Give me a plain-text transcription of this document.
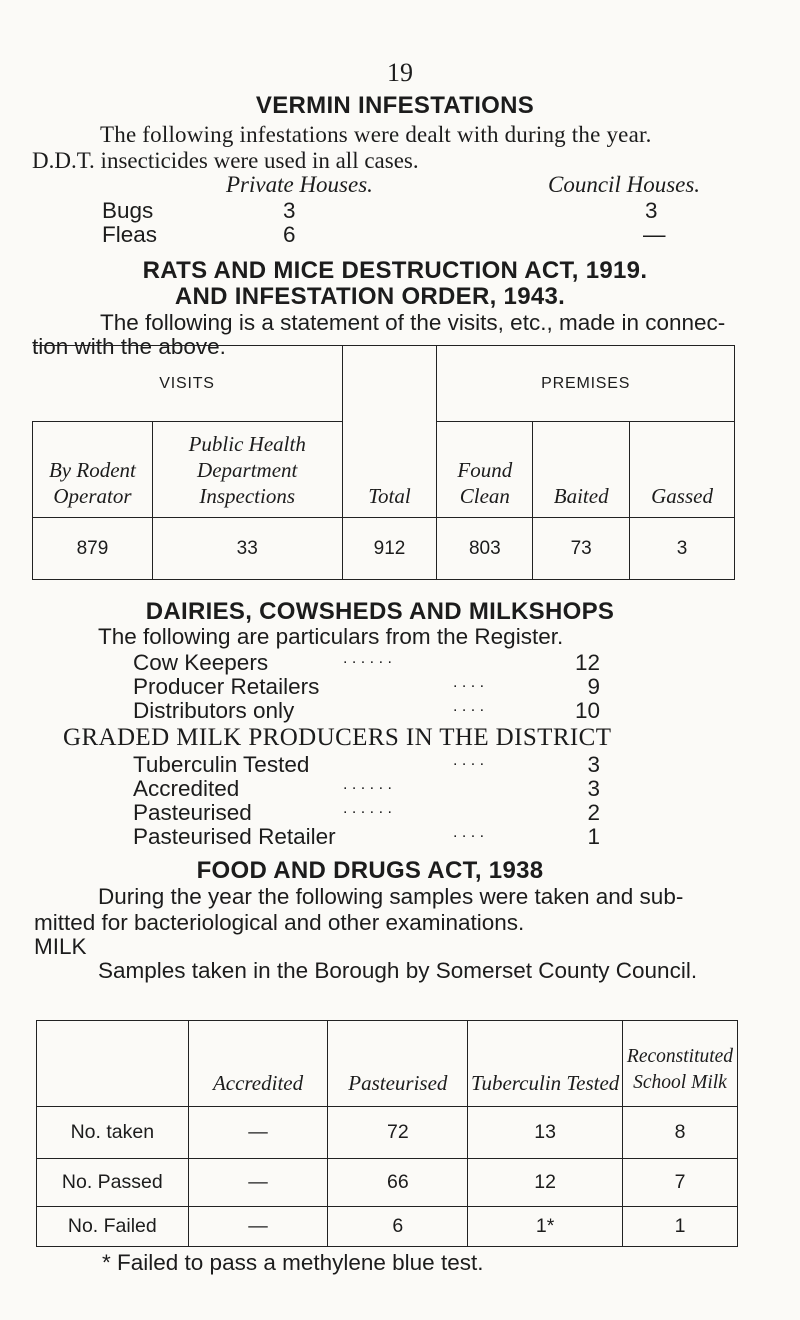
19
VERMIN INFESTATIONS
The following infestations were dealt with during the year.
D.D.T. insecticides were used in all cases.
Private Houses.	Council Houses.
Bugs	3	3
Fleas	6	—
RATS AND MICE DESTRUCTION ACT, 1919.
AND INFESTATION ORDER, 1943.
The following is a statement of the visits, etc., made in connec-
tion with the above.
VISITS		Total	PREMISES		
By Rodent Operator	Public Health Department Inspections		Found Clean	Baited	Gassed
879	33	912	803	73	3
DAIRIES, COWSHEDS AND MILKSHOPS
The following are particulars from the Register.
Cow Keepers	. . . . . .	12
Producer Retailers	. . . .	9
Distributors only	. . . .	10
GRADED MILK PRODUCERS IN THE DISTRICT
Tuberculin Tested	. . . .	3
Accredited	. . . . . .	3
Pasteurised	. . . . . .	2
Pasteurised Retailer	. . . .	1
FOOD AND DRUGS ACT, 1938
During the year the following samples were taken and sub-
mitted for bacteriological and other examinations.
MILK
Samples taken in the Borough by Somerset County Council.
	Accredited	Pasteurised	Tuberculin Tested	Reconstituted School Milk
No. taken	—	72	13	8
No. Passed	—	66	12	7
No. Failed	—	6	1*	1
* Failed to pass a methylene blue test.
